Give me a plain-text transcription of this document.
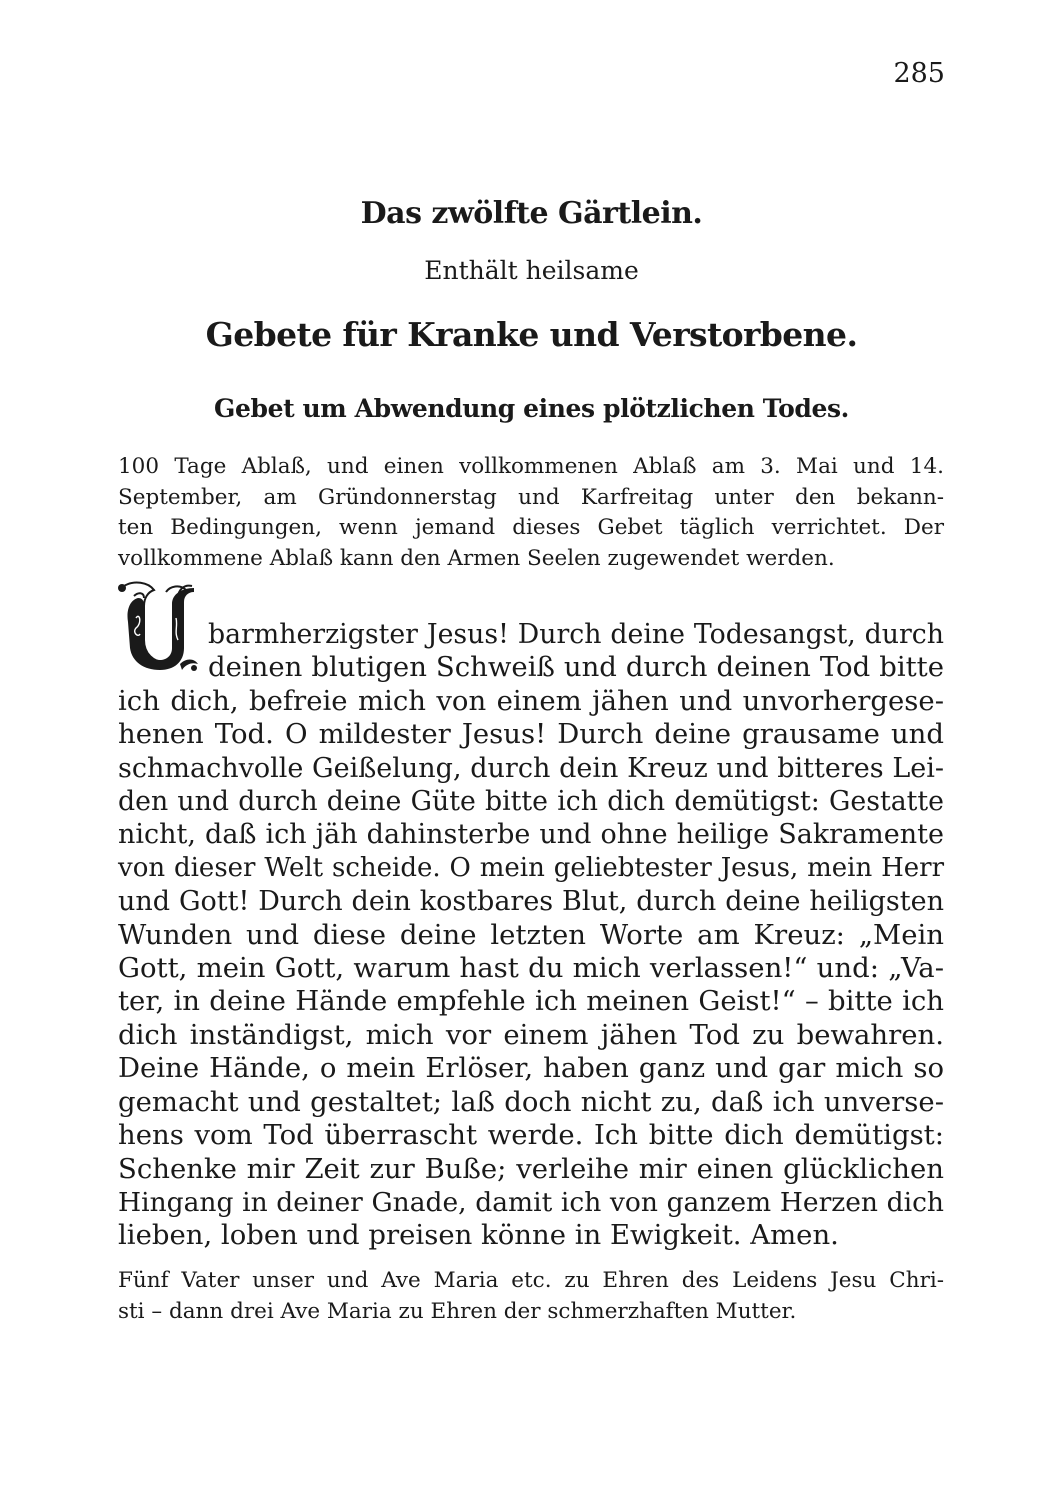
285
Das zwölfte Gärtlein.
Enthält heilsame
Gebete für Kranke und Verstorbene.
Gebet um Abwendung eines plötzlichen Todes.
100 Tage Ablaß, und einen vollkommenen Ablaß am 3. Mai und 14.
September, am Gründonnerstag und Karfreitag unter den bekann-
ten Bedingungen, wenn jemand dieses Gebet täglich verrichtet. Der
vollkommene Ablaß kann den Armen Seelen zugewendet werden.
barmherzigster Jesus! Durch deine Todesangst, durch
deinen blutigen Schweiß und durch deinen Tod bitte
ich dich, befreie mich von einem jähen und unvorhergese-
henen Tod. O mildester Jesus! Durch deine grausame und
schmachvolle Geißelung, durch dein Kreuz und bitteres Lei-
den und durch deine Güte bitte ich dich demütigst: Gestatte
nicht, daß ich jäh dahinsterbe und ohne heilige Sakramente
von dieser Welt scheide. O mein geliebtester Jesus, mein Herr
und Gott! Durch dein kostbares Blut, durch deine heiligsten
Wunden und diese deine letzten Worte am Kreuz: „Mein
Gott, mein Gott, warum hast du mich verlassen!“ und: „Va-
ter, in deine Hände empfehle ich meinen Geist!“ – bitte ich
dich inständigst, mich vor einem jähen Tod zu bewahren.
Deine Hände, o mein Erlöser, haben ganz und gar mich so
gemacht und gestaltet; laß doch nicht zu, daß ich unverse-
hens vom Tod überrascht werde. Ich bitte dich demütigst:
Schenke mir Zeit zur Buße; verleihe mir einen glücklichen
Hingang in deiner Gnade, damit ich von ganzem Herzen dich
lieben, loben und preisen könne in Ewigkeit. Amen.
Fünf Vater unser und Ave Maria etc. zu Ehren des Leidens Jesu Chri-
sti – dann drei Ave Maria zu Ehren der schmerzhaften Mutter.
